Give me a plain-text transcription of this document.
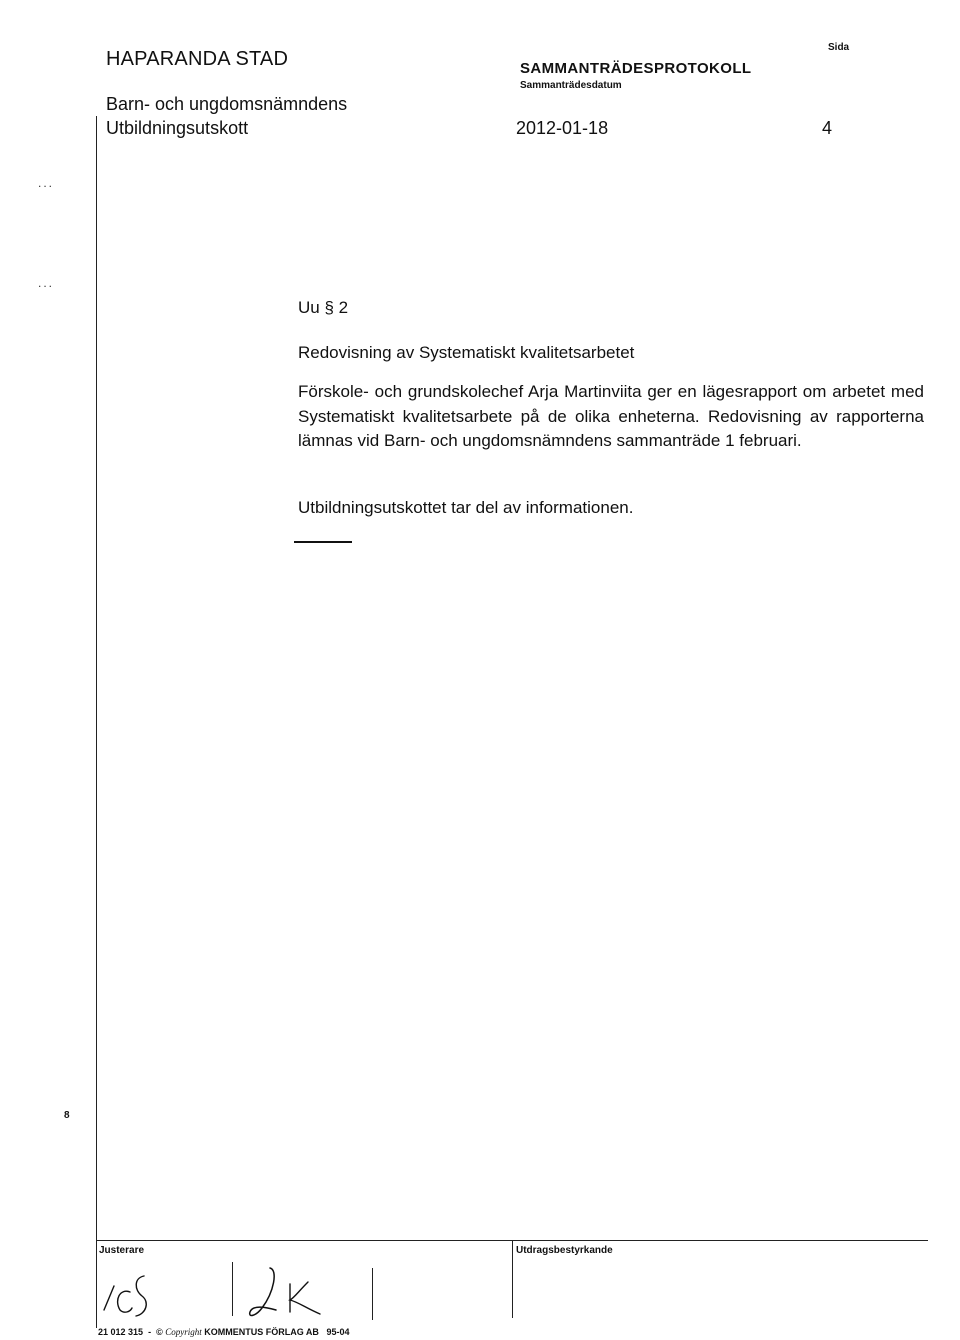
HAPARANDA STAD
Barn- och ungdomsnämndens
Utbildningsutskott
SAMMANTRÄDESPROTOKOLL
Sammanträdesdatum
Sida
2012-01-18	4
...
...
8
Uu § 2
Redovisning av Systematiskt kvalitetsarbetet
Förskole- och grundskolechef Arja Martinviita ger en lägesrapport om arbetet med Systematiskt kvalitetsarbete på de olika enheterna. Redovisning av rapporterna lämnas vid Barn- och ungdomsnämndens sammanträde 1 februari.
Utbildningsutskottet tar del av informationen.
Justerare	Utdragsbestyrkande
21 012 315 - © Copyright KOMMENTUS FÖRLAG AB 95-04
